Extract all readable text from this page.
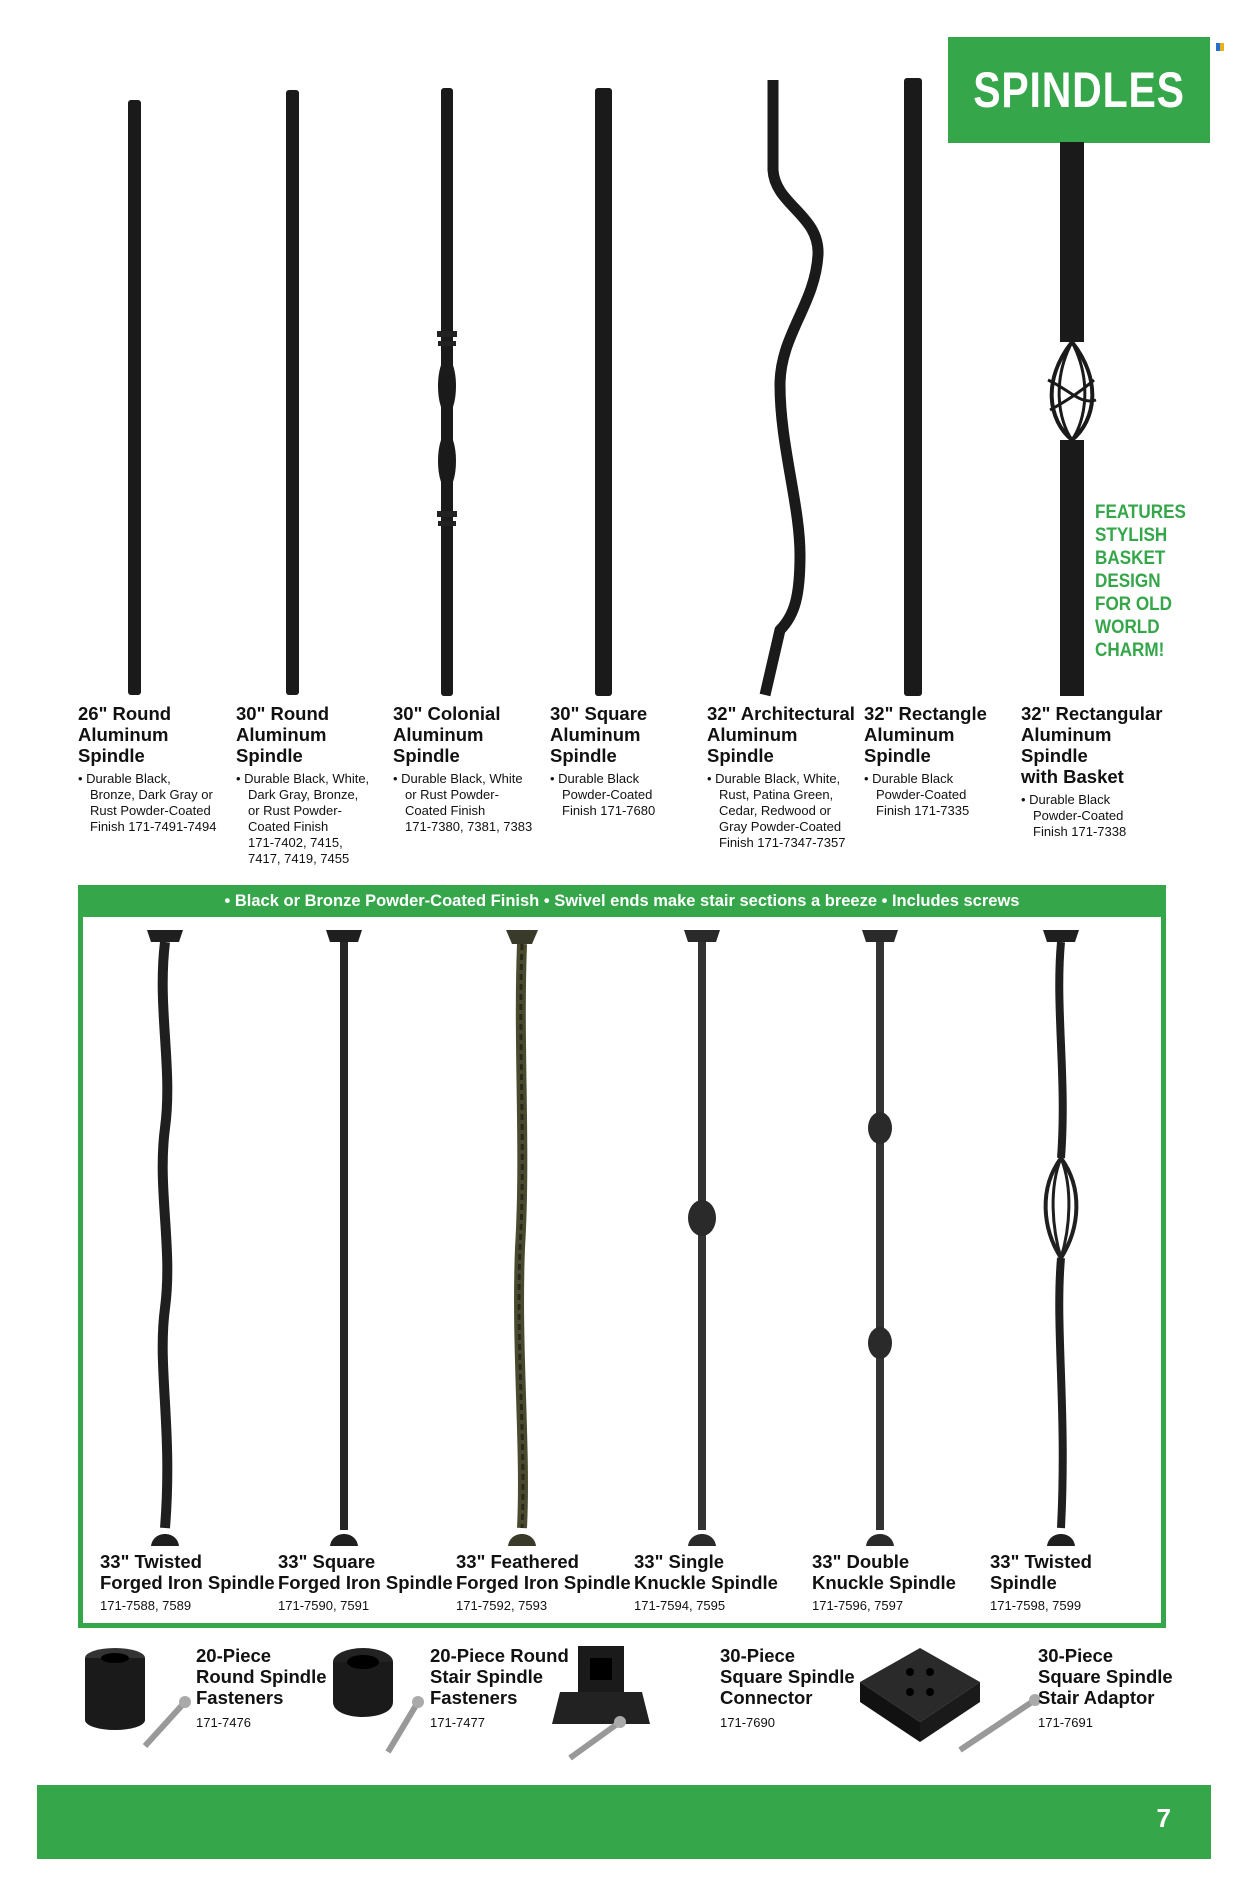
SPINDLES
FEATURES
STYLISH
BASKET
DESIGN
FOR OLD
WORLD
CHARM!
26" Round
Aluminum
Spindle
• Durable Black,
Bronze, Dark Gray or
Rust Powder-Coated
Finish 171-7491-7494
30" Round
Aluminum
Spindle
• Durable Black, White,
Dark Gray, Bronze,
or Rust Powder-
Coated Finish
171-7402, 7415,
7417, 7419, 7455
30" Colonial
Aluminum
Spindle
• Durable Black, White
or Rust Powder-
Coated Finish
171-7380, 7381, 7383
30" Square
Aluminum
Spindle
• Durable Black
Powder-Coated
Finish 171-7680
32" Architectural
Aluminum
Spindle
• Durable Black, White,
Rust, Patina Green,
Cedar, Redwood or
Gray Powder-Coated
Finish 171-7347-7357
32" Rectangle
Aluminum
Spindle
• Durable Black
Powder-Coated
Finish 171-7335
32" Rectangular
Aluminum
Spindle
with Basket
• Durable Black
Powder-Coated
Finish 171-7338
• Black or Bronze Powder-Coated Finish • Swivel ends make stair sections a breeze • Includes screws
33" Twisted
Forged Iron Spindle
171-7588, 7589
33" Square
Forged Iron Spindle
171-7590, 7591
33" Feathered
Forged Iron Spindle
171-7592, 7593
33" Single
Knuckle Spindle
171-7594, 7595
33" Double
Knuckle Spindle
171-7596, 7597
33" Twisted
Spindle
171-7598, 7599
20-Piece
Round Spindle
Fasteners
171-7476
20-Piece Round
Stair Spindle
Fasteners
171-7477
30-Piece
Square Spindle
Connector
171-7690
30-Piece
Square Spindle
Stair Adaptor
171-7691
7
